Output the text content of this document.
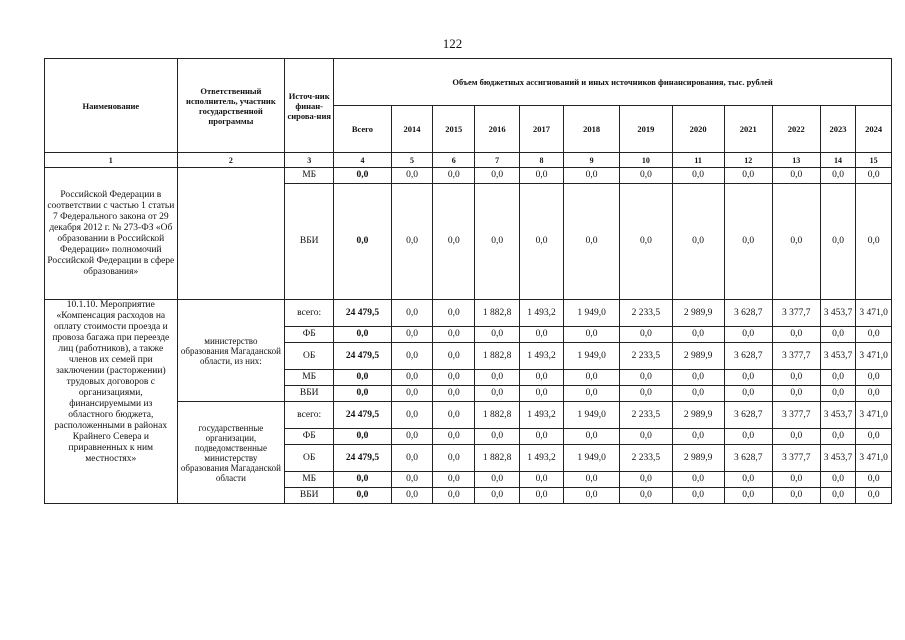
122
Наименование	Ответственный исполнитель, участник государственной программы	Источ-ник финан-сирова-ния	Объем бюджетных ассигнований и иных источников финансирования, тыс. рублей											
			Всего	2014	2015	2016	2017	2018	2019	2020	2021	2022	2023	2024
1	2	3	4	5	6	7	8	9	10	11	12	13	14	15
Российской Федерации в соответствии с частью 1 статьи 7 Федерального закона от 29 декабря 2012 г. № 273-ФЗ «Об образовании в Российской Федерации» полномочий Российской Федерации в сфере образования»		МБ	0,0	0,0	0,0	0,0	0,0	0,0	0,0	0,0	0,0	0,0	0,0	0,0
		ВБИ	0,0	0,0	0,0	0,0	0,0	0,0	0,0	0,0	0,0	0,0	0,0	0,0
10.1.10. Мероприятие «Компенсация расходов на оплату стоимости проезда и провоза багажа при переезде лиц (работников), а также членов их семей при заключении (расторжении) трудовых договоров с организациями, финансируемыми из областного бюджета, расположенными в районах Крайнего Севера и приравненных к ним местностях»	министерство образования Магаданской области, из них:	всего:	24 479,5	0,0	0,0	1 882,8	1 493,2	1 949,0	2 233,5	2 989,9	3 628,7	3 377,7	3 453,7	3 471,0
		ФБ	0,0	0,0	0,0	0,0	0,0	0,0	0,0	0,0	0,0	0,0	0,0	0,0
		ОБ	24 479,5	0,0	0,0	1 882,8	1 493,2	1 949,0	2 233,5	2 989,9	3 628,7	3 377,7	3 453,7	3 471,0
		МБ	0,0	0,0	0,0	0,0	0,0	0,0	0,0	0,0	0,0	0,0	0,0	0,0
		ВБИ	0,0	0,0	0,0	0,0	0,0	0,0	0,0	0,0	0,0	0,0	0,0	0,0
	государственные организации, подведомственные министерству образования Магаданской области	всего:	24 479,5	0,0	0,0	1 882,8	1 493,2	1 949,0	2 233,5	2 989,9	3 628,7	3 377,7	3 453,7	3 471,0
		ФБ	0,0	0,0	0,0	0,0	0,0	0,0	0,0	0,0	0,0	0,0	0,0	0,0
		ОБ	24 479,5	0,0	0,0	1 882,8	1 493,2	1 949,0	2 233,5	2 989,9	3 628,7	3 377,7	3 453,7	3 471,0
		МБ	0,0	0,0	0,0	0,0	0,0	0,0	0,0	0,0	0,0	0,0	0,0	0,0
		ВБИ	0,0	0,0	0,0	0,0	0,0	0,0	0,0	0,0	0,0	0,0	0,0	0,0
